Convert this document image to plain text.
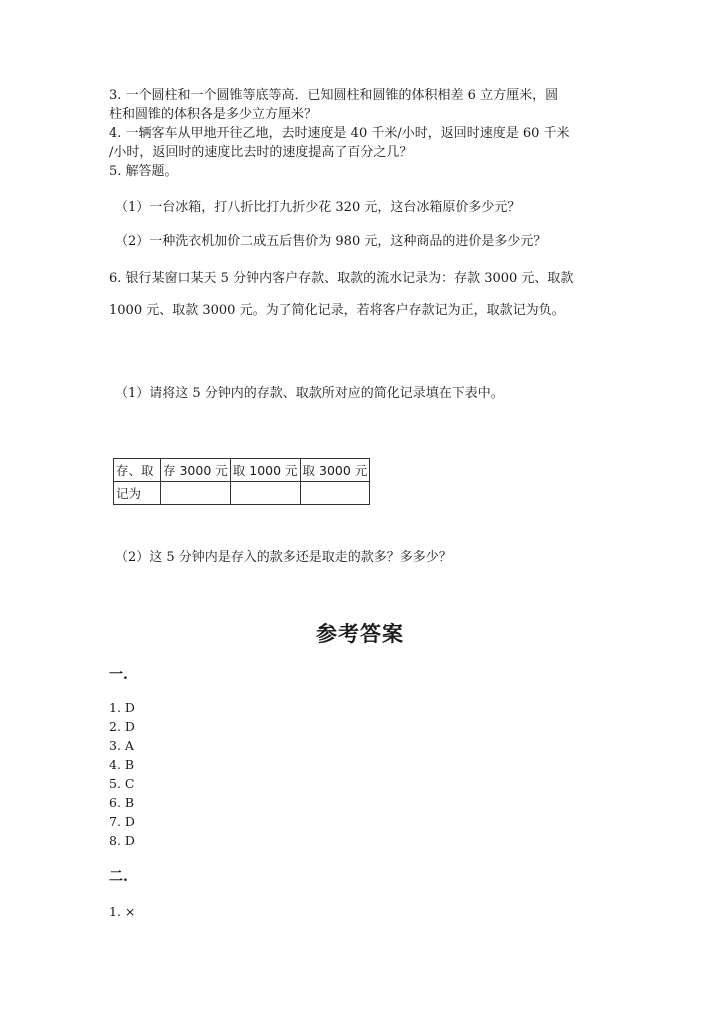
3. 一个圆柱和一个圆锥等底等高．已知圆柱和圆锥的体积相差 6 立方厘米，圆
柱和圆锥的体积各是多少立方厘米？
4. 一辆客车从甲地开往乙地，去时速度是 40 千米/小时，返回时速度是 60 千米
/小时，返回时的速度比去时的速度提高了百分之几？
5. 解答题。
（1）一台冰箱，打八折比打九折少花 320 元，这台冰箱原价多少元？
（2）一种洗衣机加价二成五后售价为 980 元，这种商品的进价是多少元？
6. 银行某窗口某天 5 分钟内客户存款、取款的流水记录为：存款 3000 元、取款
1000 元、取款 3000 元。为了简化记录，若将客户存款记为正，取款记为负。
（1）请将这 5 分钟内的存款、取款所对应的简化记录填在下表中。
存、取	存 3000 元	取 1000 元	取 3000 元
记为			
（2）这 5 分钟内是存入的款多还是取走的款多？多多少？
参考答案
一.
1. D
2. D
3. A
4. B
5. C
6. B
7. D
8. D
二.
1. ×
